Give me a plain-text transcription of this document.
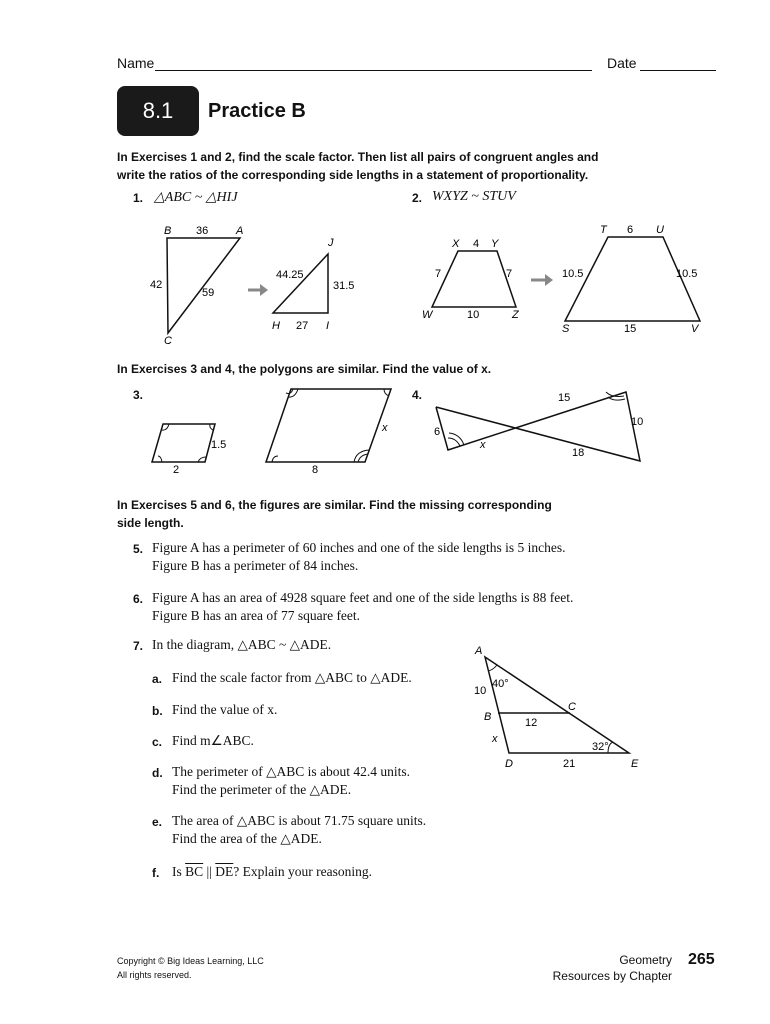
Name	Date
8.1	Practice B
In Exercises 1 and 2, find the scale factor. Then list all pairs of congruent angles and
write the ratios of the corresponding side lengths in a statement of proportionality.
1. △ABC ~ △HIJ	2. WXYZ ~ STUV
B	A
C
36
42
59
J
H	I
44.25
31.5
27
X 4 Y
7	7
W	10	Z
T 6 U
10.5	10.5
S	15	V
In Exercises 3 and 4, the polygons are similar. Find the value of x.
3.	4.
1.5
2
x
8
15
10
6
x
18
In Exercises 5 and 6, the figures are similar. Find the missing corresponding
side length.
5. Figure A has a perimeter of 60 inches and one of the side lengths is 5 inches.
Figure B has a perimeter of 84 inches.
6. Figure A has an area of 4928 square feet and one of the side lengths is 88 feet.
Figure B has an area of 77 square feet.
7. In the diagram, △ABC ~ △ADE.
a. Find the scale factor from △ABC to △ADE.
b. Find the value of x.
c. Find m∠ABC.
d. The perimeter of △ABC is about 42.4 units.
Find the perimeter of the △ADE.
e. The area of △ABC is about 71.75 square units.
Find the area of the △ADE.
f. Is $\overline{BC}$ || $\overline{DE}$? Explain your reasoning.
A
10
40°
B
C
12
x
32°
D	21	E
Copyright © Big Ideas Learning, LLC
All rights reserved.
Geometry
Resources by Chapter
265
